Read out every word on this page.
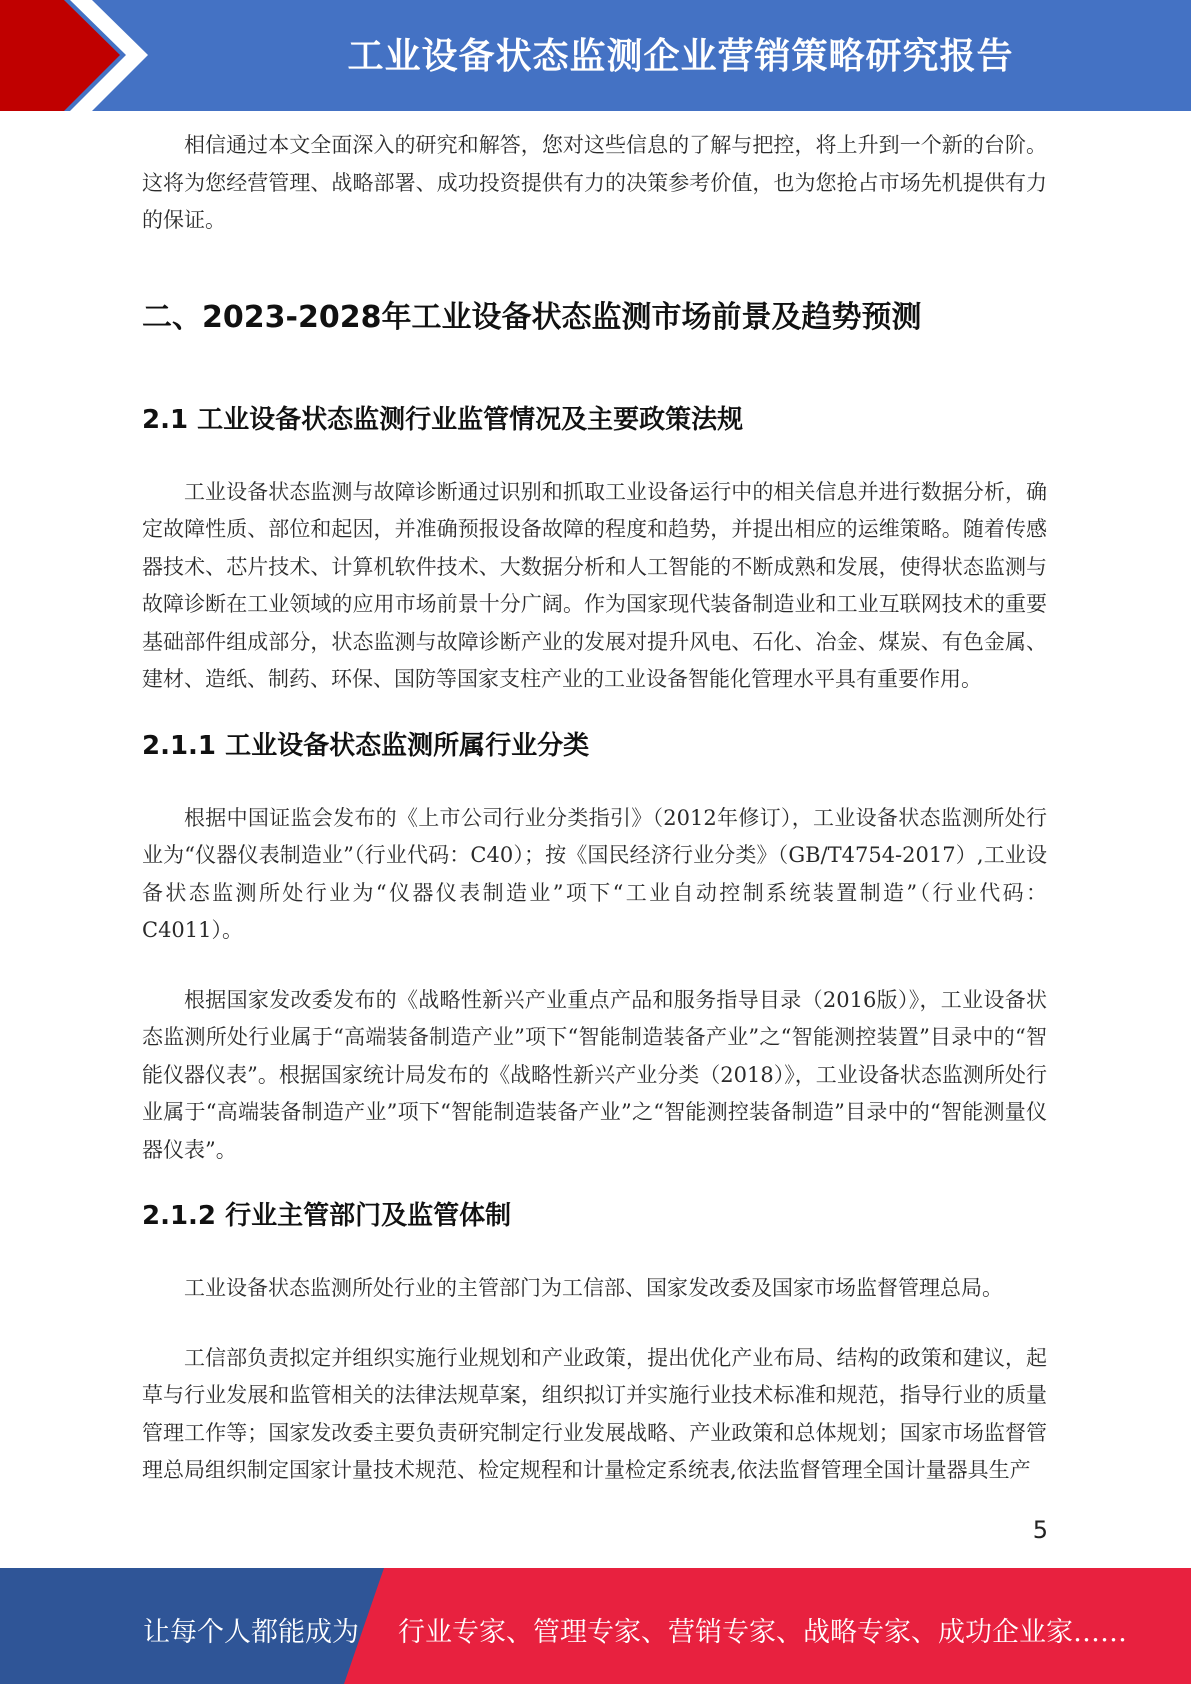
工业设备状态监测企业营销策略研究报告

相信通过本文全面深入的研究和解答，您对这些信息的了解与把控，将上升到一个新的台阶。这将为您经营管理、战略部署、成功投资提供有力的决策参考价值，也为您抢占市场先机提供有力的保证。

二、2023-2028年工业设备状态监测市场前景及趋势预测
2.1 工业设备状态监测行业监管情况及主要政策法规

工业设备状态监测与故障诊断通过识别和抓取工业设备运行中的相关信息并进行数据分析，确定故障性质、部位和起因，并准确预报设备故障的程度和趋势，并提出相应的运维策略。随着传感器技术、芯片技术、计算机软件技术、大数据分析和人工智能的不断成熟和发展，使得状态监测与故障诊断在工业领域的应用市场前景十分广阔。作为国家现代装备制造业和工业互联网技术的重要基础部件组成部分，状态监测与故障诊断产业的发展对提升风电、石化、冶金、煤炭、有色金属、建材、造纸、制药、环保、国防等国家支柱产业的工业设备智能化管理水平具有重要作用。

2.1.1 工业设备状态监测所属行业分类

根据中国证监会发布的《上市公司行业分类指引》（2012年修订），工业设备状态监测所处行业为“仪器仪表制造业”（行业代码：C40）；按《国民经济行业分类》（GB/T4754-2017）,工业设备状态监测所处行业为“仪器仪表制造业”项下“工业自动控制系统装置制造”（行业代码：C4011）。

根据国家发改委发布的《战略性新兴产业重点产品和服务指导目录（2016版）》，工业设备状态监测所处行业属于“高端装备制造产业”项下“智能制造装备产业”之“智能测控装置”目录中的“智能仪器仪表”。根据国家统计局发布的《战略性新兴产业分类（2018）》，工业设备状态监测所处行业属于“高端装备制造产业”项下“智能制造装备产业”之“智能测控装备制造”目录中的“智能测量仪器仪表”。

2.1.2 行业主管部门及监管体制

工业设备状态监测所处行业的主管部门为工信部、国家发改委及国家市场监督管理总局。

工信部负责拟定并组织实施行业规划和产业政策，提出优化产业布局、结构的政策和建议，起草与行业发展和监管相关的法律法规草案，组织拟订并实施行业技术标准和规范，指导行业的质量管理工作等；国家发改委主要负责研究制定行业发展战略、产业政策和总体规划；国家市场监督管理总局组织制定国家计量技术规范、检定规程和计量检定系统表,依法监督管理全国计量器具生产

5
让每个人都能成为 行业专家、管理专家、营销专家、战略专家、成功企业家……
